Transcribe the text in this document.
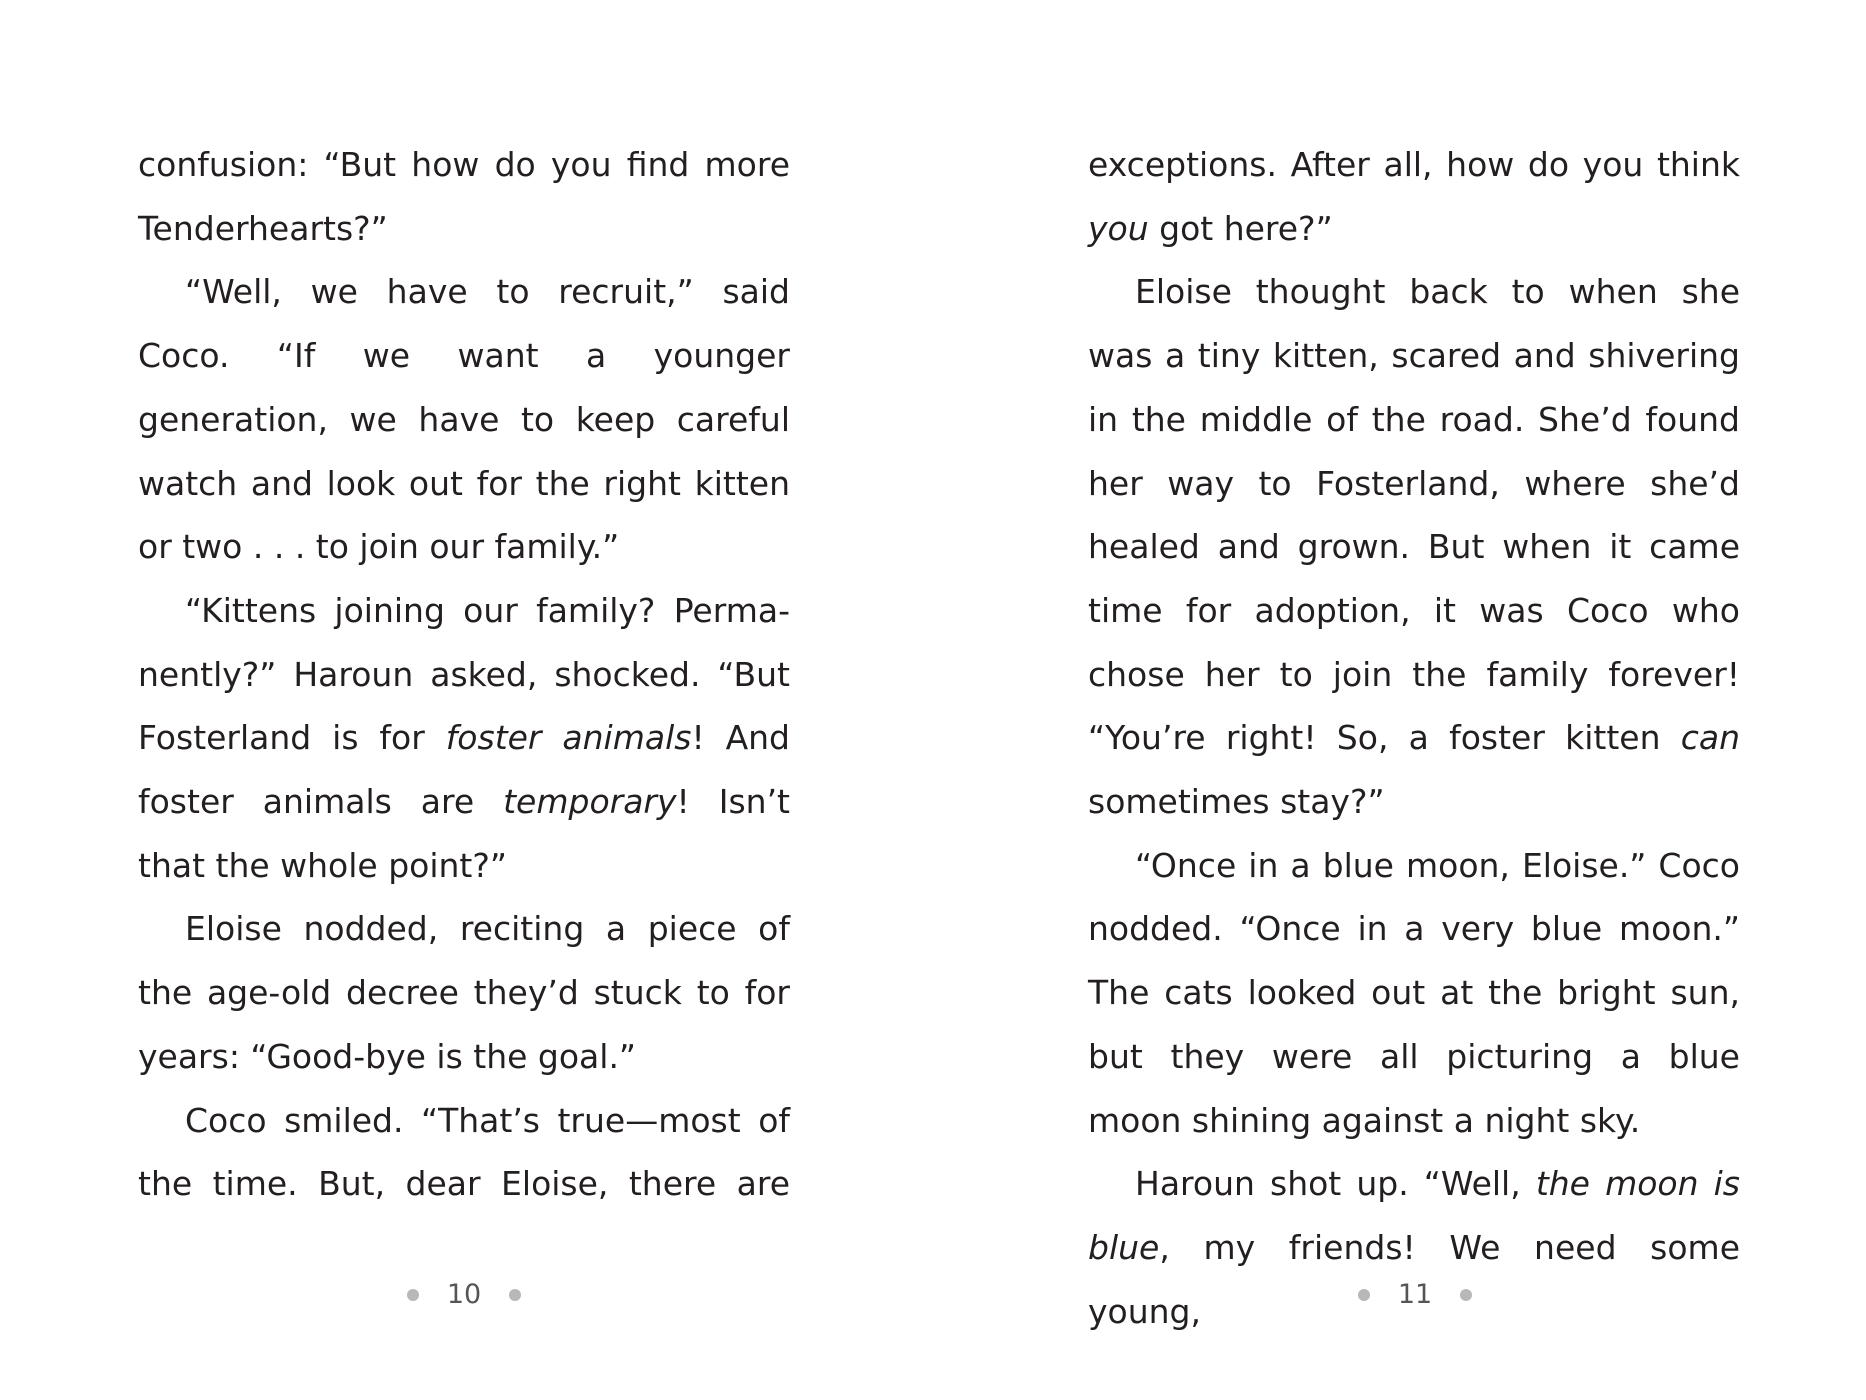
confusion: “But how do you find more Tenderhearts?”

“Well, we have to recruit,” said Coco. “If we want a younger generation, we have to keep careful watch and look out for the right kitten or two . . . to join our family.”

“Kittens joining our family? Permanently?” Haroun asked, shocked. “But Fosterland is for foster animals! And foster animals are temporary! Isn’t that the whole point?”

Eloise nodded, reciting a piece of the age-old decree they’d stuck to for years: “Good-bye is the goal.”

Coco smiled. “That’s true—most of the time. But, dear Eloise, there are

exceptions. After all, how do you think you got here?”

Eloise thought back to when she was a tiny kitten, scared and shivering in the middle of the road. She’d found her way to Fosterland, where she’d healed and grown. But when it came time for adoption, it was Coco who chose her to join the family forever! “You’re right! So, a foster kitten can sometimes stay?”

“Once in a blue moon, Eloise.” Coco nodded. “Once in a very blue moon.” The cats looked out at the bright sun, but they were all picturing a blue moon shining against a night sky.

Haroun shot up. “Well, the moon is blue, my friends! We need some young,

10	11
